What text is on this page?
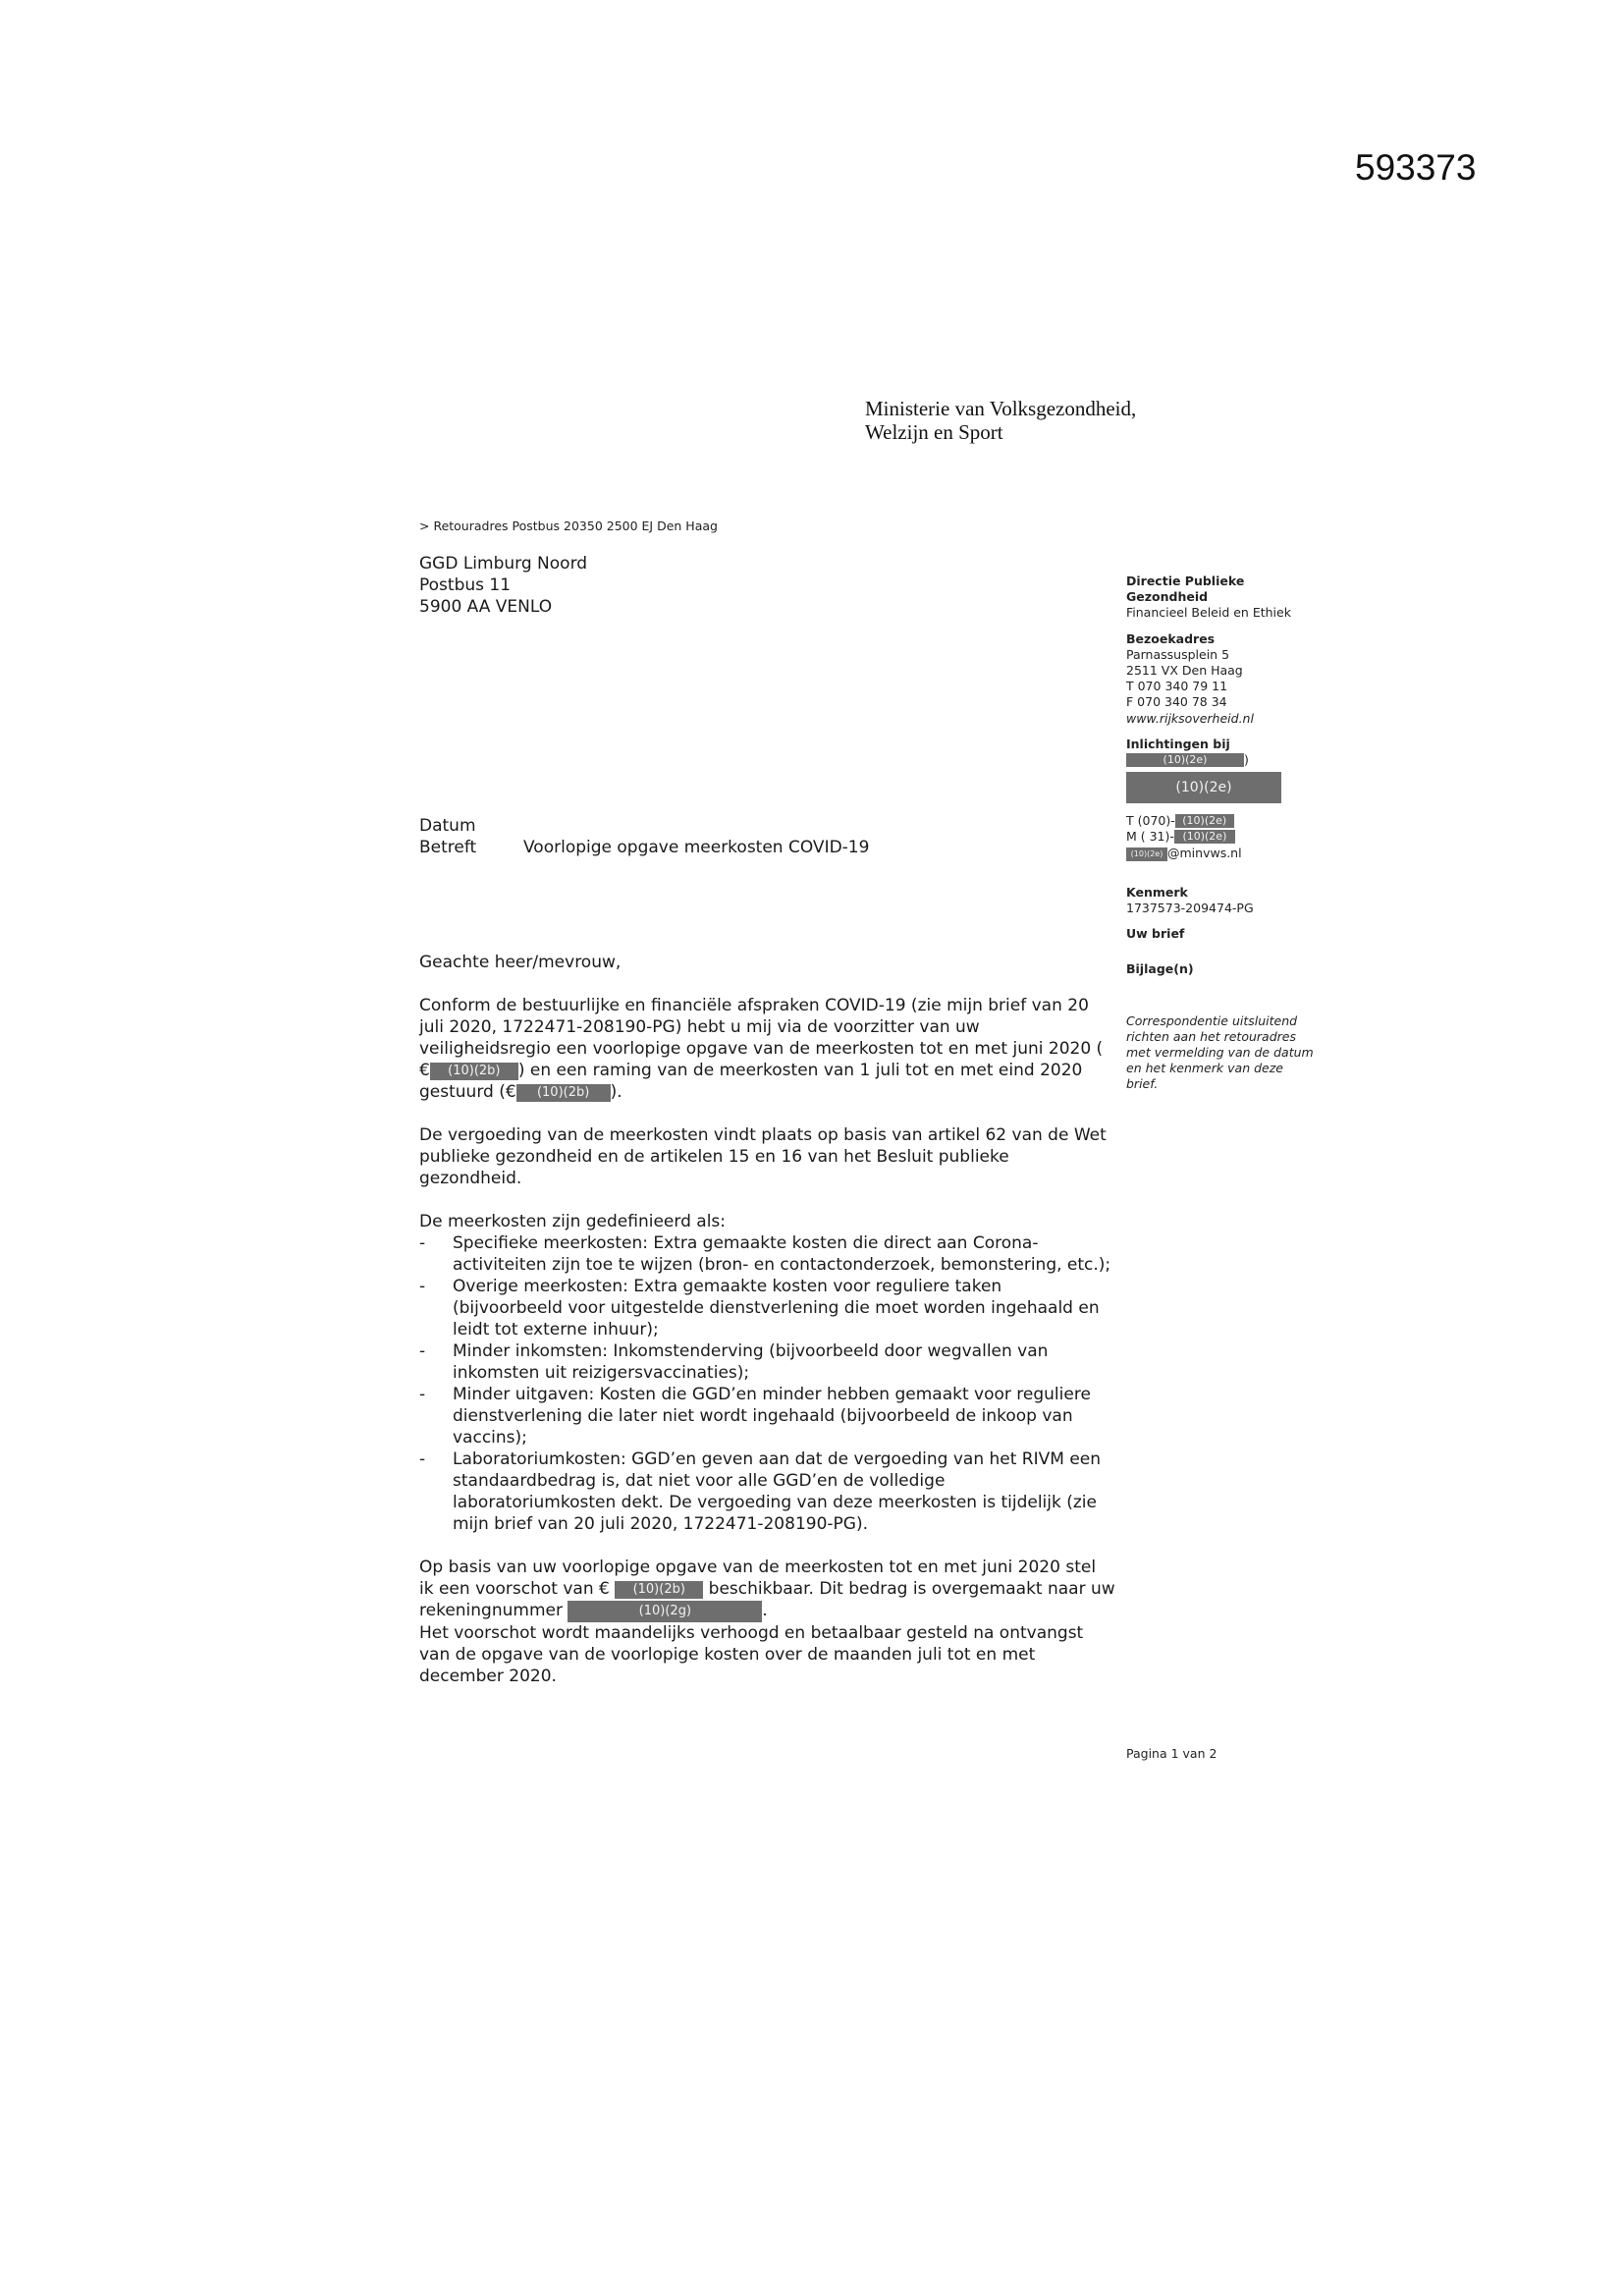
593373
Ministerie van Volksgezondheid,
Welzijn en Sport
> Retouradres Postbus 20350 2500 EJ Den Haag
GGD Limburg Noord
Postbus 11
5900 AA VENLO
Datum
Betreft	Voorlopige opgave meerkosten COVID-19

Geachte heer/mevrouw,

Conform de bestuurlijke en financiële afspraken COVID-19 (zie mijn brief van 20
juli 2020, 1722471-208190-PG) hebt u mij via de voorzitter van uw
veiligheidsregio een voorlopige opgave van de meerkosten tot en met juni 2020 (
€ (10)(2b) ) en een raming van de meerkosten van 1 juli tot en met eind 2020
gestuurd (€ (10)(2b) ).

De vergoeding van de meerkosten vindt plaats op basis van artikel 62 van de Wet publieke gezondheid en de artikelen 15 en 16 van het Besluit publieke gezondheid.

De meerkosten zijn gedefinieerd als:
-	Specifieke meerkosten: Extra gemaakte kosten die direct aan Corona-activiteiten zijn toe te wijzen (bron- en contactonderzoek, bemonstering, etc.);
-	Overige meerkosten: Extra gemaakte kosten voor reguliere taken (bijvoorbeeld voor uitgestelde dienstverlening die moet worden ingehaald en leidt tot externe inhuur);
-	Minder inkomsten: Inkomstenderving (bijvoorbeeld door wegvallen van inkomsten uit reizigersvaccinaties);
-	Minder uitgaven: Kosten die GGD’en minder hebben gemaakt voor reguliere dienstverlening die later niet wordt ingehaald (bijvoorbeeld de inkoop van vaccins);
-	Laboratoriumkosten: GGD’en geven aan dat de vergoeding van het RIVM een standaardbedrag is, dat niet voor alle GGD’en de volledige laboratoriumkosten dekt. De vergoeding van deze meerkosten is tijdelijk (zie mijn brief van 20 juli 2020, 1722471-208190-PG).

Op basis van uw voorlopige opgave van de meerkosten tot en met juni 2020 stel
ik een voorschot van € (10)(2b) beschikbaar. Dit bedrag is overgemaakt naar uw
rekeningnummer	(10)(2g)	.
Het voorschot wordt maandelijks verhoogd en betaalbaar gesteld na ontvangst
van de opgave van de voorlopige kosten over de maanden juli tot en met
december 2020.

Directie Publieke
Gezondheid
Financieel Beleid en Ethiek
Bezoekadres
Parnassusplein 5
2511 VX Den Haag
T 070 340 79 11
F 070 340 78 34
www.rijksoverheid.nl
Inlichtingen bij
(10)(2e)	)
(10)(2e)
T (070)- (10)(2e)
M ( 31)- (10)(2e)
(10)(2e) @minvws.nl
Kenmerk
1737573-209474-PG
Uw brief
Bijlage(n)
Correspondentie uitsluitend
richten aan het retouradres
met vermelding van de datum
en het kenmerk van deze
brief.
Pagina 1 van 2
